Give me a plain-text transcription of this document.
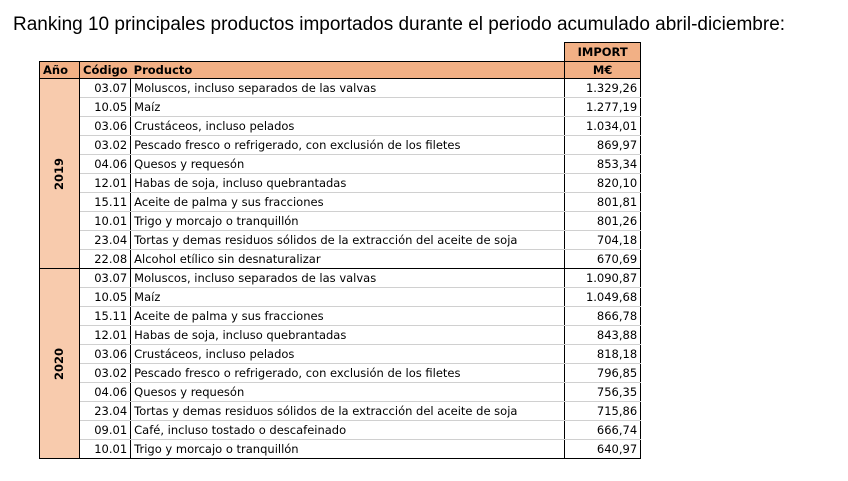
Ranking 10 principales productos importados durante el periodo acumulado abril-diciembre:
			IMPORT
Año	Código	Producto	M€
2019	03.07	Moluscos, incluso separados de las valvas	1.329,26
	10.05	Maíz	1.277,19
	03.06	Crustáceos, incluso pelados	1.034,01
	03.02	Pescado fresco o refrigerado, con exclusión de los filetes	869,97
	04.06	Quesos y requesón	853,34
	12.01	Habas de soja, incluso quebrantadas	820,10
	15.11	Aceite de palma y sus fracciones	801,81
	10.01	Trigo y morcajo o tranquillón	801,26
	23.04	Tortas y demas residuos sólidos de la extracción del aceite de soja	704,18
	22.08	Alcohol etílico sin desnaturalizar	670,69
2020	03.07	Moluscos, incluso separados de las valvas	1.090,87
	10.05	Maíz	1.049,68
	15.11	Aceite de palma y sus fracciones	866,78
	12.01	Habas de soja, incluso quebrantadas	843,88
	03.06	Crustáceos, incluso pelados	818,18
	03.02	Pescado fresco o refrigerado, con exclusión de los filetes	796,85
	04.06	Quesos y requesón	756,35
	23.04	Tortas y demas residuos sólidos de la extracción del aceite de soja	715,86
	09.01	Café, incluso tostado o descafeinado	666,74
	10.01	Trigo y morcajo o tranquillón	640,97
